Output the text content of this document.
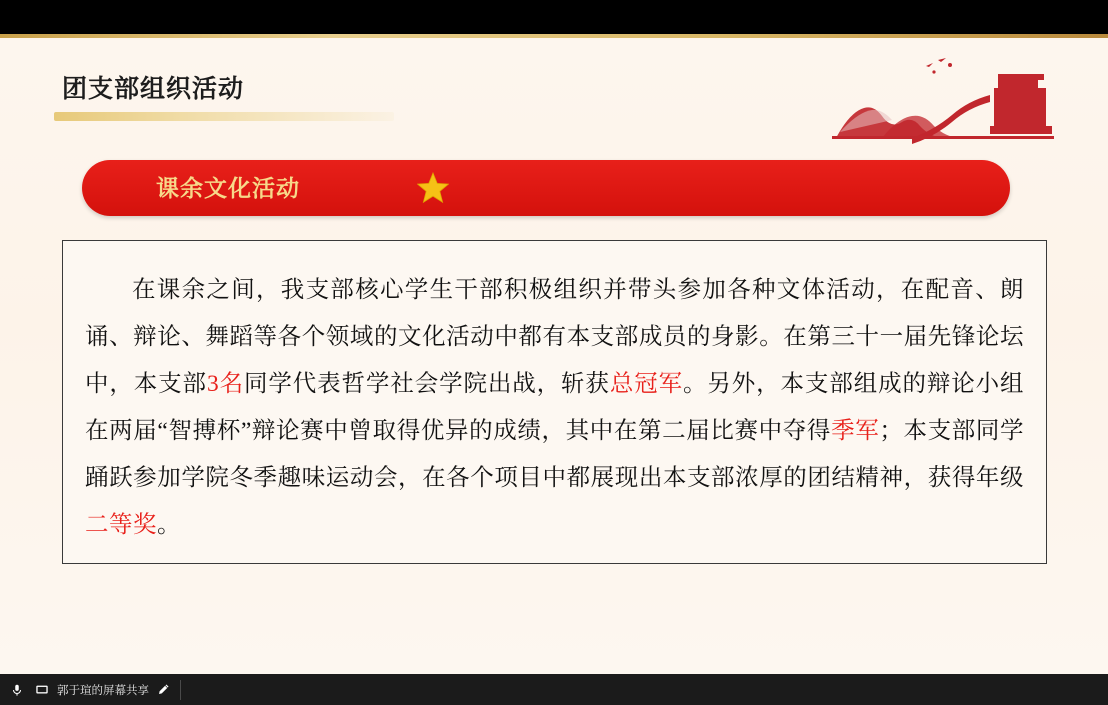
团支部组织活动
课余文化活动

在课余之间，我支部核心学生干部积极组织并带头参加各种文体活动，在配音、朗诵、辩论、舞蹈等各个领域的文化活动中都有本支部成员的身影。在第三十一届先锋论坛中，本支部3名同学代表哲学社会学院出战，斩获总冠军。另外，本支部组成的辩论小组在两届“智搏杯”辩论赛中曾取得优异的成绩，其中在第二届比赛中夺得季军；本支部同学踊跃参加学院冬季趣味运动会，在各个项目中都展现出本支部浓厚的团结精神，获得年级二等奖。

郭于瑄的屏幕共享
